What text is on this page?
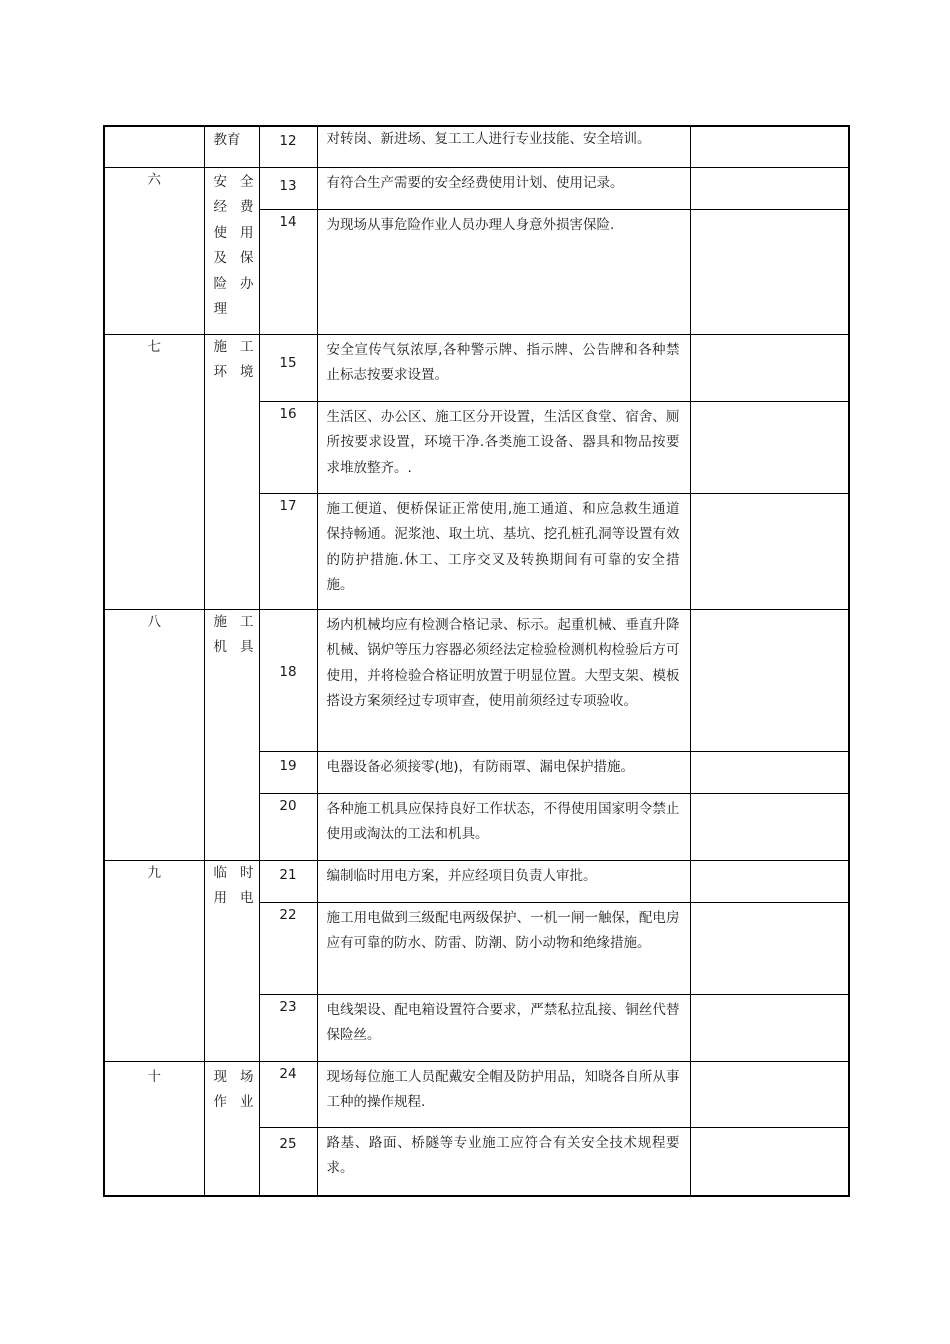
	教育	12	对转岗、新进场、复工工人进行专业技能、安全培训。	
六	安全经费使用及保险办理	13	有符合生产需要的安全经费使用计划、使用记录。	
		14	为现场从事危险作业人员办理人身意外损害保险.	
七	施工环境	15	安全宣传气氛浓厚,各种警示牌、指示牌、公告牌和各种禁止标志按要求设置。	
		16	生活区、办公区、施工区分开设置，生活区食堂、宿舍、厕所按要求设置，环境干净.各类施工设备、器具和物品按要求堆放整齐。.	
		17	施工便道、便桥保证正常使用,施工通道、和应急救生通道保持畅通。泥浆池、取土坑、基坑、挖孔桩孔洞等设置有效的防护措施.休工、工序交叉及转换期间有可靠的安全措施。	
八	施工机具	18	场内机械均应有检测合格记录、标示。起重机械、垂直升降机械、锅炉等压力容器必须经法定检验检测机构检验后方可使用，并将检验合格证明放置于明显位置。大型支架、模板搭设方案须经过专项审查，使用前须经过专项验收。	
		19	电器设备必须接零(地)，有防雨罩、漏电保护措施。	
		20	各种施工机具应保持良好工作状态，不得使用国家明令禁止使用或淘汰的工法和机具。	
九	临时用电	21	编制临时用电方案，并应经项目负责人审批。	
		22	施工用电做到三级配电两级保护、一机一闸一触保，配电房应有可靠的防水、防雷、防潮、防小动物和绝缘措施。	
		23	电线架设、配电箱设置符合要求，严禁私拉乱接、铜丝代替保险丝。	
十	现场作业	24	现场每位施工人员配戴安全帽及防护用品，知晓各自所从事工种的操作规程.	
		25	路基、路面、桥隧等专业施工应符合有关安全技术规程要求。	
